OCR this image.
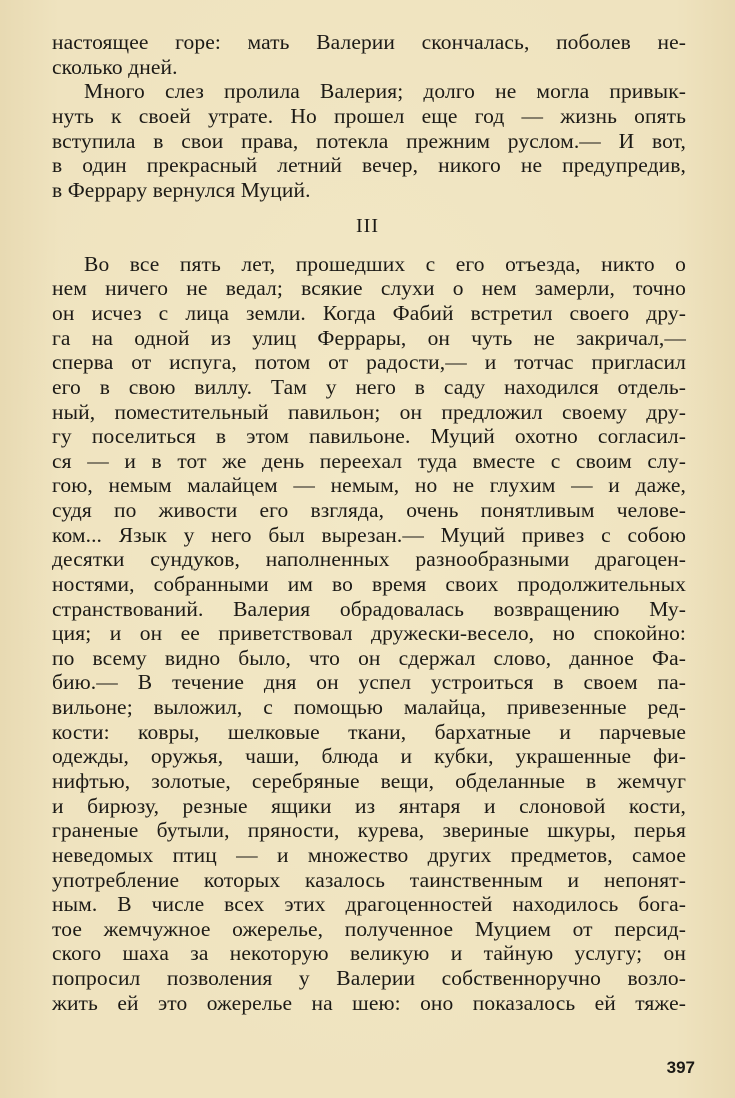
настоящее горе: мать Валерии скончалась, поболев не-
сколько дней.
Много слез пролила Валерия; долго не могла привык-
нуть к своей утрате. Но прошел еще год — жизнь опять
вступила в свои права, потекла прежним руслом.— И вот,
в один прекрасный летний вечер, никого не предупредив,
в Феррару вернулся Муций.
III
Во все пять лет, прошедших с его отъезда, никто о
нем ничего не ведал; всякие слухи о нем замерли, точно
он исчез с лица земли. Когда Фабий встретил своего дру-
га на одной из улиц Феррары, он чуть не закричал,—
сперва от испуга, потом от радости,— и тотчас пригласил
его в свою виллу. Там у него в саду находился отдель-
ный, поместительный павильон; он предложил своему дру-
гу поселиться в этом павильоне. Муций охотно согласил-
ся — и в тот же день переехал туда вместе с своим слу-
гою, немым малайцем — немым, но не глухим — и даже,
судя по живости его взгляда, очень понятливым челове-
ком... Язык у него был вырезан.— Муций привез с собою
десятки сундуков, наполненных разнообразными драгоцен-
ностями, собранными им во время своих продолжительных
странствований. Валерия обрадовалась возвращению Му-
ция; и он ее приветствовал дружески-весело, но спокойно:
по всему видно было, что он сдержал слово, данное Фа-
бию.— В течение дня он успел устроиться в своем па-
вильоне; выложил, с помощью малайца, привезенные ред-
кости: ковры, шелковые ткани, бархатные и парчевые
одежды, оружья, чаши, блюда и кубки, украшенные фи-
нифтью, золотые, серебряные вещи, обделанные в жемчуг
и бирюзу, резные ящики из янтаря и слоновой кости,
граненые бутыли, пряности, курева, звериные шкуры, перья
неведомых птиц — и множество других предметов, самое
употребление которых казалось таинственным и непонят-
ным. В числе всех этих драгоценностей находилось бога-
тое жемчужное ожерелье, полученное Муцием от персид-
ского шаха за некоторую великую и тайную услугу; он
попросил позволения у Валерии собственноручно возло-
жить ей это ожерелье на шею: оно показалось ей тяже-
397
